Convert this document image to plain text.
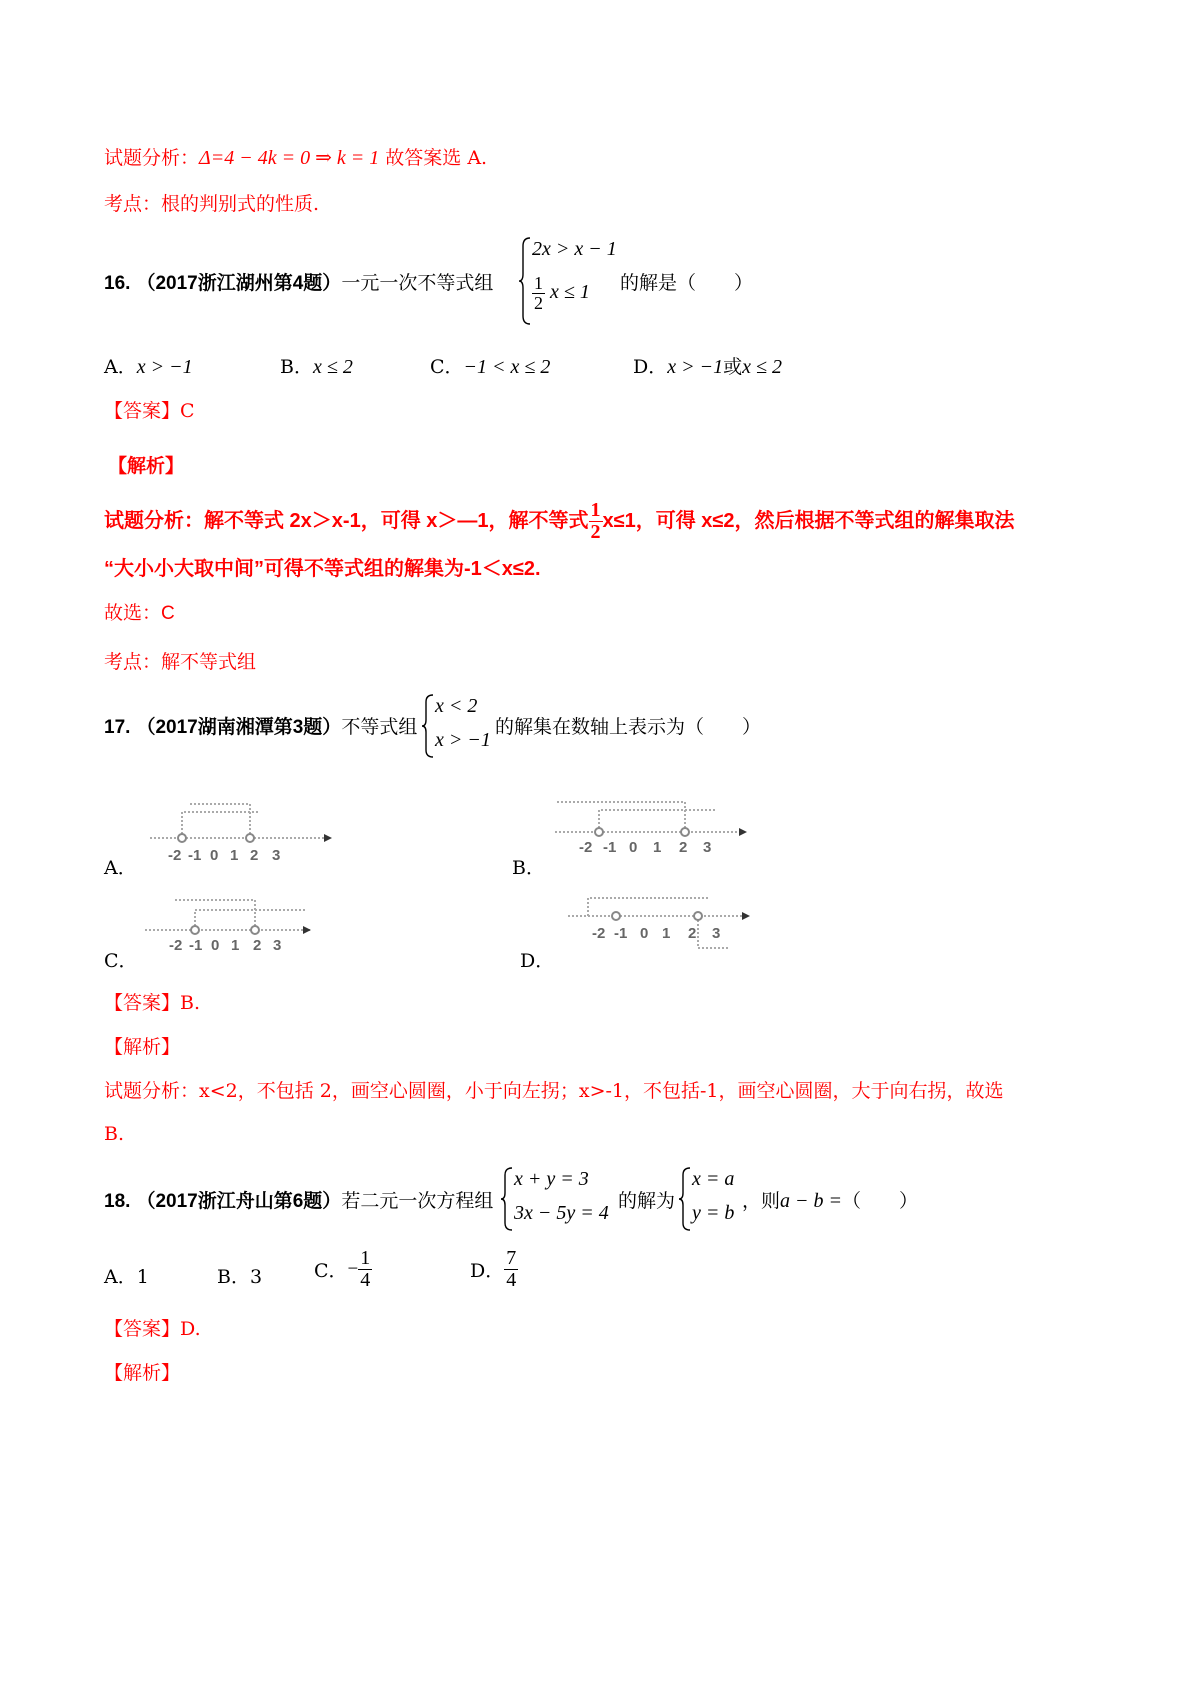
试题分析：Δ=4 − 4k = 0 ⇒ k = 1 故答案选 A.
考点：根的判别式的性质.
16. （2017浙江湖州第4题）一元一次不等式组
2x > x − 1
$\frac{1}{2}$ x ≤ 1 的解是（　　）
A．x > −1	B．x ≤ 2	C．−1 < x ≤ 2	D．x > −1或x ≤ 2
【答案】C
【解析】
试题分析：解不等式 2x＞x-1，可得 x＞—1，解不等式 $\frac{1}{2} x\le 1$，可得 x≤2，然后根据不等式组的解集取法
“大小小大取中间”可得不等式组的解集为-1＜x≤2.
故选：C
考点：解不等式组
17. （2017湖南湘潭第3题）不等式组
x < 2
x > −1
的解集在数轴上表示为（　　）
A．
-2 -1 0 1 2 3
B．
-2 -1 0 1 2 3
C．
-2 -1 0 1 2 3
D．
-2 -1 0 1 2 3
【答案】B.
【解析】
试题分析：x<2，不包括 2，画空心圆圈，小于向左拐；x>-1，不包括-1，画空心圆圈，大于向右拐，故选
B.
18. （2017浙江舟山第6题）若二元一次方程组
x + y = 3
3x − 5y = 4
的解为
x = a
y = b
，则a − b =（　　）
A．1	B．3	C．− $\frac{1}{4}$	D． $\frac{7}{4}$
【答案】D.
【解析】
